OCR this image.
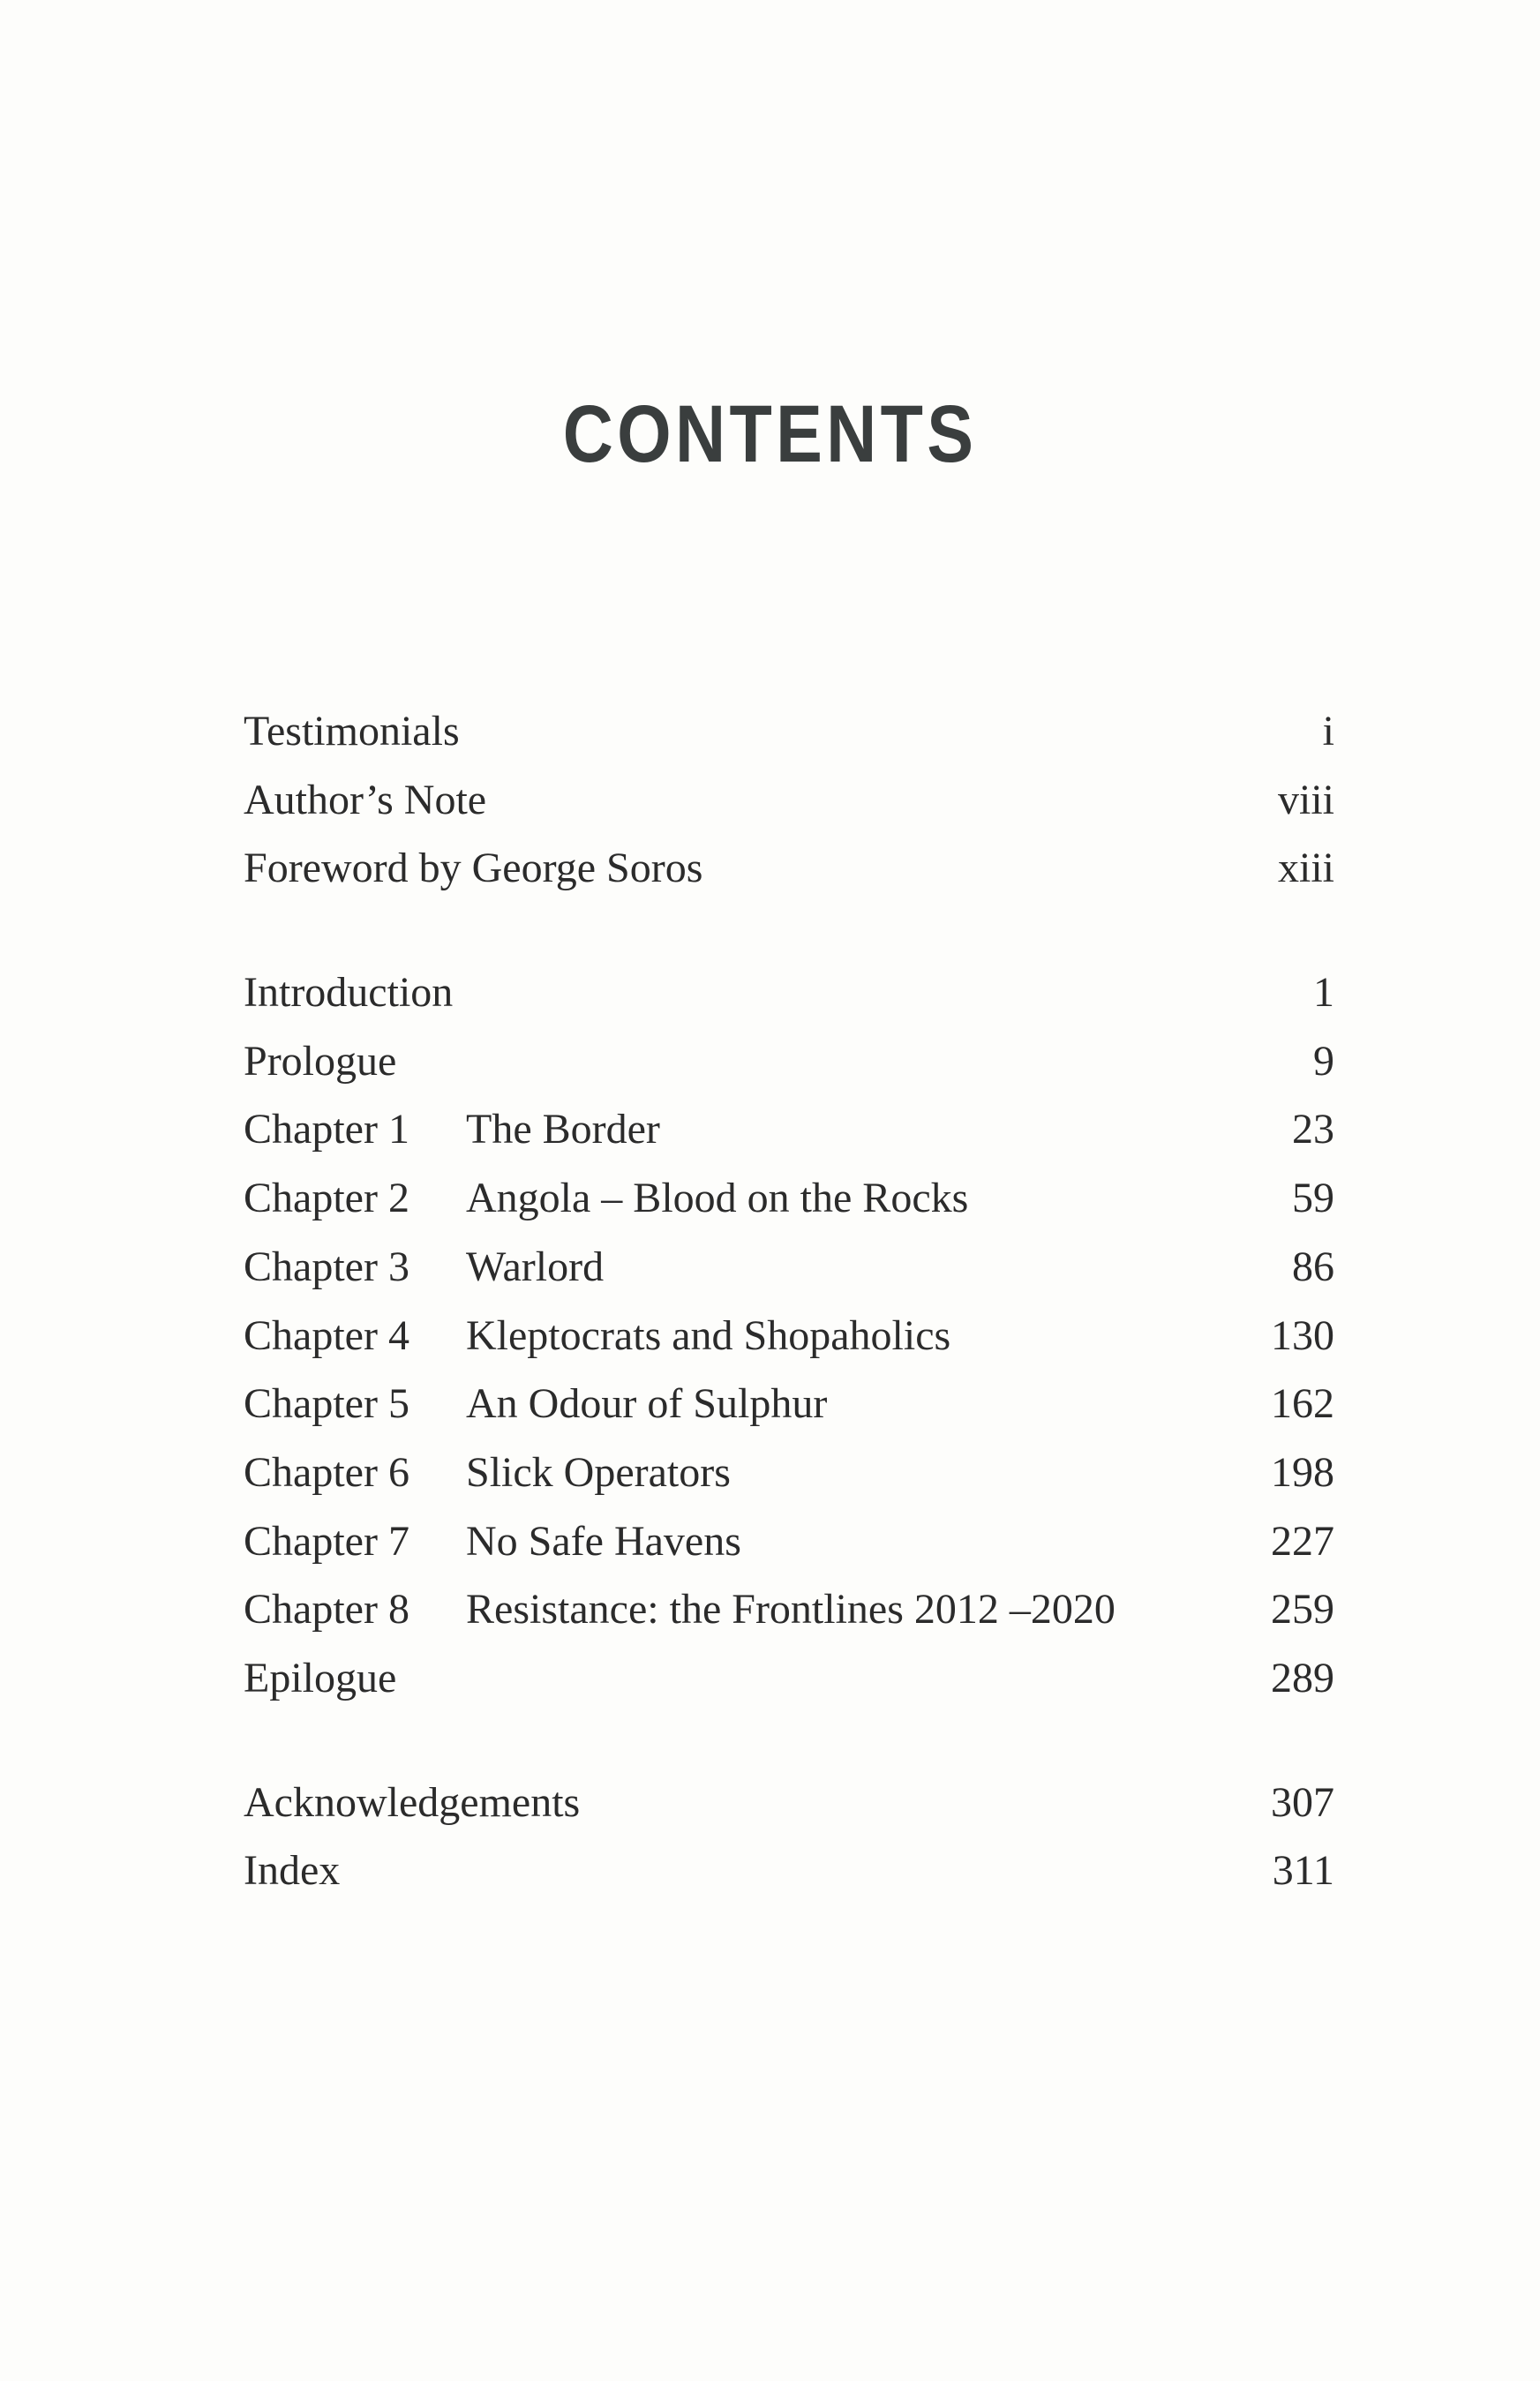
CONTENTS
Testimonials	i
Author’s Note	viii
Foreword by George Soros	xiii
Introduction	1
Prologue	9
Chapter 1 The Border	23
Chapter 2 Angola – Blood on the Rocks	59
Chapter 3 Warlord	86
Chapter 4 Kleptocrats and Shopaholics	130
Chapter 5 An Odour of Sulphur	162
Chapter 6 Slick Operators	198
Chapter 7 No Safe Havens	227
Chapter 8 Resistance: the Frontlines 2012 –2020	259
Epilogue	289
Acknowledgements	307
Index	311
